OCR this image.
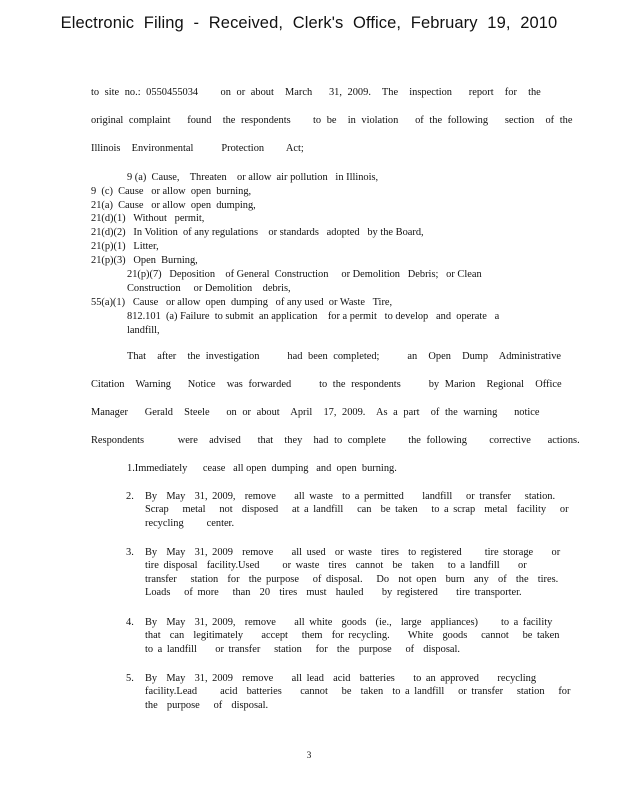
Electronic Filing - Received, Clerk's Office, February 19, 2010
to site no.: 0550455034    on or about  March   31, 2009.  The  inspection   report  for  the
original complaint   found  the respondents    to be  in violation   of the following   section  of the
Illinois  Environmental     Protection    Act;
9 (a)  Cause,    Threaten    or allow  air pollution   in Illinois,
9  (c)  Cause   or allow  open  burning,
21(a)  Cause   or allow  open  dumping,
21(d)(1)   Without   permit,
21(d)(2)   In Volition  of any regulations    or standards   adopted   by the Board,
21(p)(1)   Litter,
21(p)(3)   Open  Burning,
21(p)(7)   Deposition    of General  Construction     or Demolition   Debris;   or Clean
Construction     or Demolition    debris,
55(a)(1)   Cause   or allow  open  dumping   of any used  or Waste   Tire,
812.101  (a) Failure  to submit  an application    for a permit   to develop   and  operate   a
landfill,
That  after  the investigation     had been completed;     an  Open  Dump  Administrative
Citation  Warning   Notice  was forwarded     to the respondents     by Marion  Regional  Office
Manager   Gerald  Steele   on or about  April  17, 2009.  As a part  of the warning   notice
Respondents      were  advised   that  they  had to complete    the following    corrective   actions.
1.Immediately      cease   all open  dumping   and  open  burning.
2. By  May  31, 2009,  remove    all waste  to a permitted    landfill   or transfer   station.
Scrap   metal   not  disposed   at a landfill   can  be taken   to a scrap  metal  facility   or
recycling     center.
3. By  May  31, 2009  remove    all used  or waste  tires  to registered     tire storage    or
tire disposal  facility.Used     or waste  tires  cannot  be  taken   to a landfill    or
transfer   station  for  the purpose   of disposal.   Do  not open  burn  any  of  the  tires.
Loads   of more   than  20  tires  must  hauled    by registered    tire transporter.
4. By  May  31, 2009,  remove    all white  goods  (ie.,  large  appliances)     to a facility
that  can  legitimately    accept   them  for recycling.    White  goods   cannot   be taken
to a landfill    or transfer   station   for  the  purpose   of  disposal.
5. By  May  31, 2009  remove    all lead  acid  batteries    to an approved    recycling
facility.Lead     acid  batteries    cannot   be  taken  to a landfill   or transfer   station   for
the  purpose   of  disposal.
3
